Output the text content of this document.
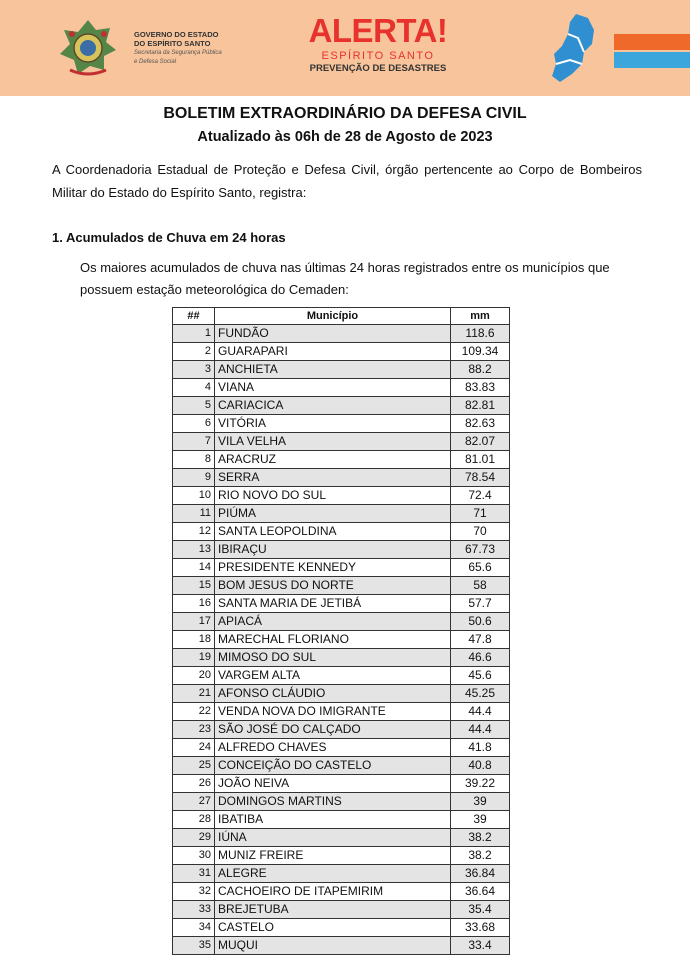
GOVERNO DO ESTADO
DO ESPÍRITO SANTO
Secretaria da Segurança Pública
e Defesa Social
ALERTA!
ESPÍRITO SANTO
PREVENÇÃO DE DESASTRES
BOLETIM EXTRAORDINÁRIO DA DEFESA CIVIL
Atualizado às 06h de 28 de Agosto de 2023
A Coordenadoria Estadual de Proteção e Defesa Civil, órgão pertencente ao Corpo de Bombeiros Militar do Estado do Espírito Santo, registra:
1. Acumulados de Chuva em 24 horas
Os maiores acumulados de chuva nas últimas 24 horas registrados entre os municípios que possuem estação meteorológica do Cemaden:
##	Município	mm
1	FUNDÃO	118.6
2	GUARAPARI	109.34
3	ANCHIETA	88.2
4	VIANA	83.83
5	CARIACICA	82.81
6	VITÓRIA	82.63
7	VILA VELHA	82.07
8	ARACRUZ	81.01
9	SERRA	78.54
10	RIO NOVO DO SUL	72.4
11	PIÚMA	71
12	SANTA LEOPOLDINA	70
13	IBIRAÇU	67.73
14	PRESIDENTE KENNEDY	65.6
15	BOM JESUS DO NORTE	58
16	SANTA MARIA DE JETIBÁ	57.7
17	APIACÁ	50.6
18	MARECHAL FLORIANO	47.8
19	MIMOSO DO SUL	46.6
20	VARGEM ALTA	45.6
21	AFONSO CLÁUDIO	45.25
22	VENDA NOVA DO IMIGRANTE	44.4
23	SÃO JOSÉ DO CALÇADO	44.4
24	ALFREDO CHAVES	41.8
25	CONCEIÇÃO DO CASTELO	40.8
26	JOÃO NEIVA	39.22
27	DOMINGOS MARTINS	39
28	IBATIBA	39
29	IÚNA	38.2
30	MUNIZ FREIRE	38.2
31	ALEGRE	36.84
32	CACHOEIRO DE ITAPEMIRIM	36.64
33	BREJETUBA	35.4
34	CASTELO	33.68
35	MUQUI	33.4
